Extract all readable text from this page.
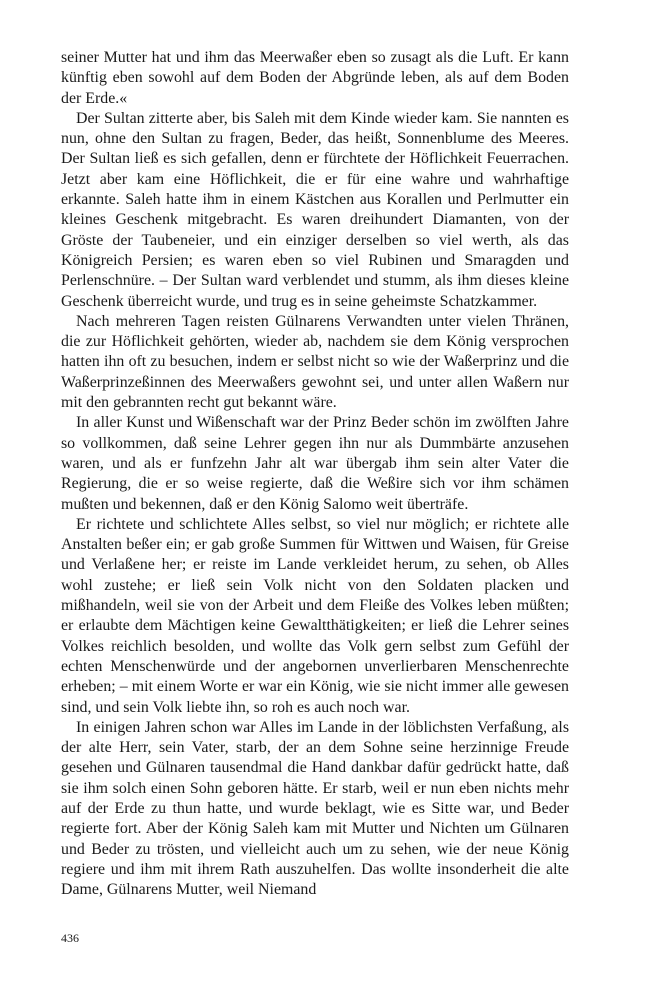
seiner Mutter hat und ihm das Meerwaßer eben so zusagt als die Luft. Er kann künftig eben sowohl auf dem Boden der Abgründe leben, als auf dem Boden der Erde.«

Der Sultan zitterte aber, bis Saleh mit dem Kinde wieder kam. Sie nannten es nun, ohne den Sultan zu fragen, Beder, das heißt, Sonnenblume des Meeres. Der Sultan ließ es sich gefallen, denn er fürchtete der Höflichkeit Feuerrachen. Jetzt aber kam eine Höflichkeit, die er für eine wahre und wahrhaftige erkannte. Saleh hatte ihm in einem Kästchen aus Korallen und Perlmutter ein kleines Geschenk mitgebracht. Es waren dreihundert Diamanten, von der Gröste der Taubeneier, und ein einziger derselben so viel werth, als das Königreich Persien; es waren eben so viel Rubinen und Smaragden und Perlenschnüre. – Der Sultan ward verblendet und stumm, als ihm dieses kleine Geschenk überreicht wurde, und trug es in seine geheimste Schatzkammer.

Nach mehreren Tagen reisten Gülnarens Verwandten unter vielen Thränen, die zur Höflichkeit gehörten, wieder ab, nachdem sie dem König versprochen hatten ihn oft zu besuchen, indem er selbst nicht so wie der Waßerprinz und die Waßerprinzeßinnen des Meerwaßers gewohnt sei, und unter allen Waßern nur mit den gebrannten recht gut bekannt wäre.

In aller Kunst und Wißenschaft war der Prinz Beder schön im zwölften Jahre so vollkommen, daß seine Lehrer gegen ihn nur als Dummbärte anzusehen waren, und als er funfzehn Jahr alt war übergab ihm sein alter Vater die Regierung, die er so weise regierte, daß die Weßire sich vor ihm schämen mußten und bekennen, daß er den König Salomo weit überträfe.

Er richtete und schlichtete Alles selbst, so viel nur möglich; er richtete alle Anstalten beßer ein; er gab große Summen für Wittwen und Waisen, für Greise und Verlaßene her; er reiste im Lande verkleidet herum, zu sehen, ob Alles wohl zustehe; er ließ sein Volk nicht von den Soldaten placken und mißhandeln, weil sie von der Arbeit und dem Fleiße des Volkes leben müßten; er erlaubte dem Mächtigen keine Gewaltthätigkeiten; er ließ die Lehrer seines Volkes reichlich besolden, und wollte das Volk gern selbst zum Gefühl der echten Menschenwürde und der angebornen unverlierbaren Menschenrechte erheben; – mit einem Worte er war ein König, wie sie nicht immer alle gewesen sind, und sein Volk liebte ihn, so roh es auch noch war.

In einigen Jahren schon war Alles im Lande in der löblichsten Verfaßung, als der alte Herr, sein Vater, starb, der an dem Sohne seine herzinnige Freude gesehen und Gülnaren tausendmal die Hand dankbar dafür gedrückt hatte, daß sie ihm solch einen Sohn geboren hätte. Er starb, weil er nun eben nichts mehr auf der Erde zu thun hatte, und wurde beklagt, wie es Sitte war, und Beder regierte fort. Aber der König Saleh kam mit Mutter und Nichten um Gülnaren und Beder zu trösten, und vielleicht auch um zu sehen, wie der neue König regiere und ihm mit ihrem Rath auszuhelfen. Das wollte insonderheit die alte Dame, Gülnarens Mutter, weil Niemand

436
